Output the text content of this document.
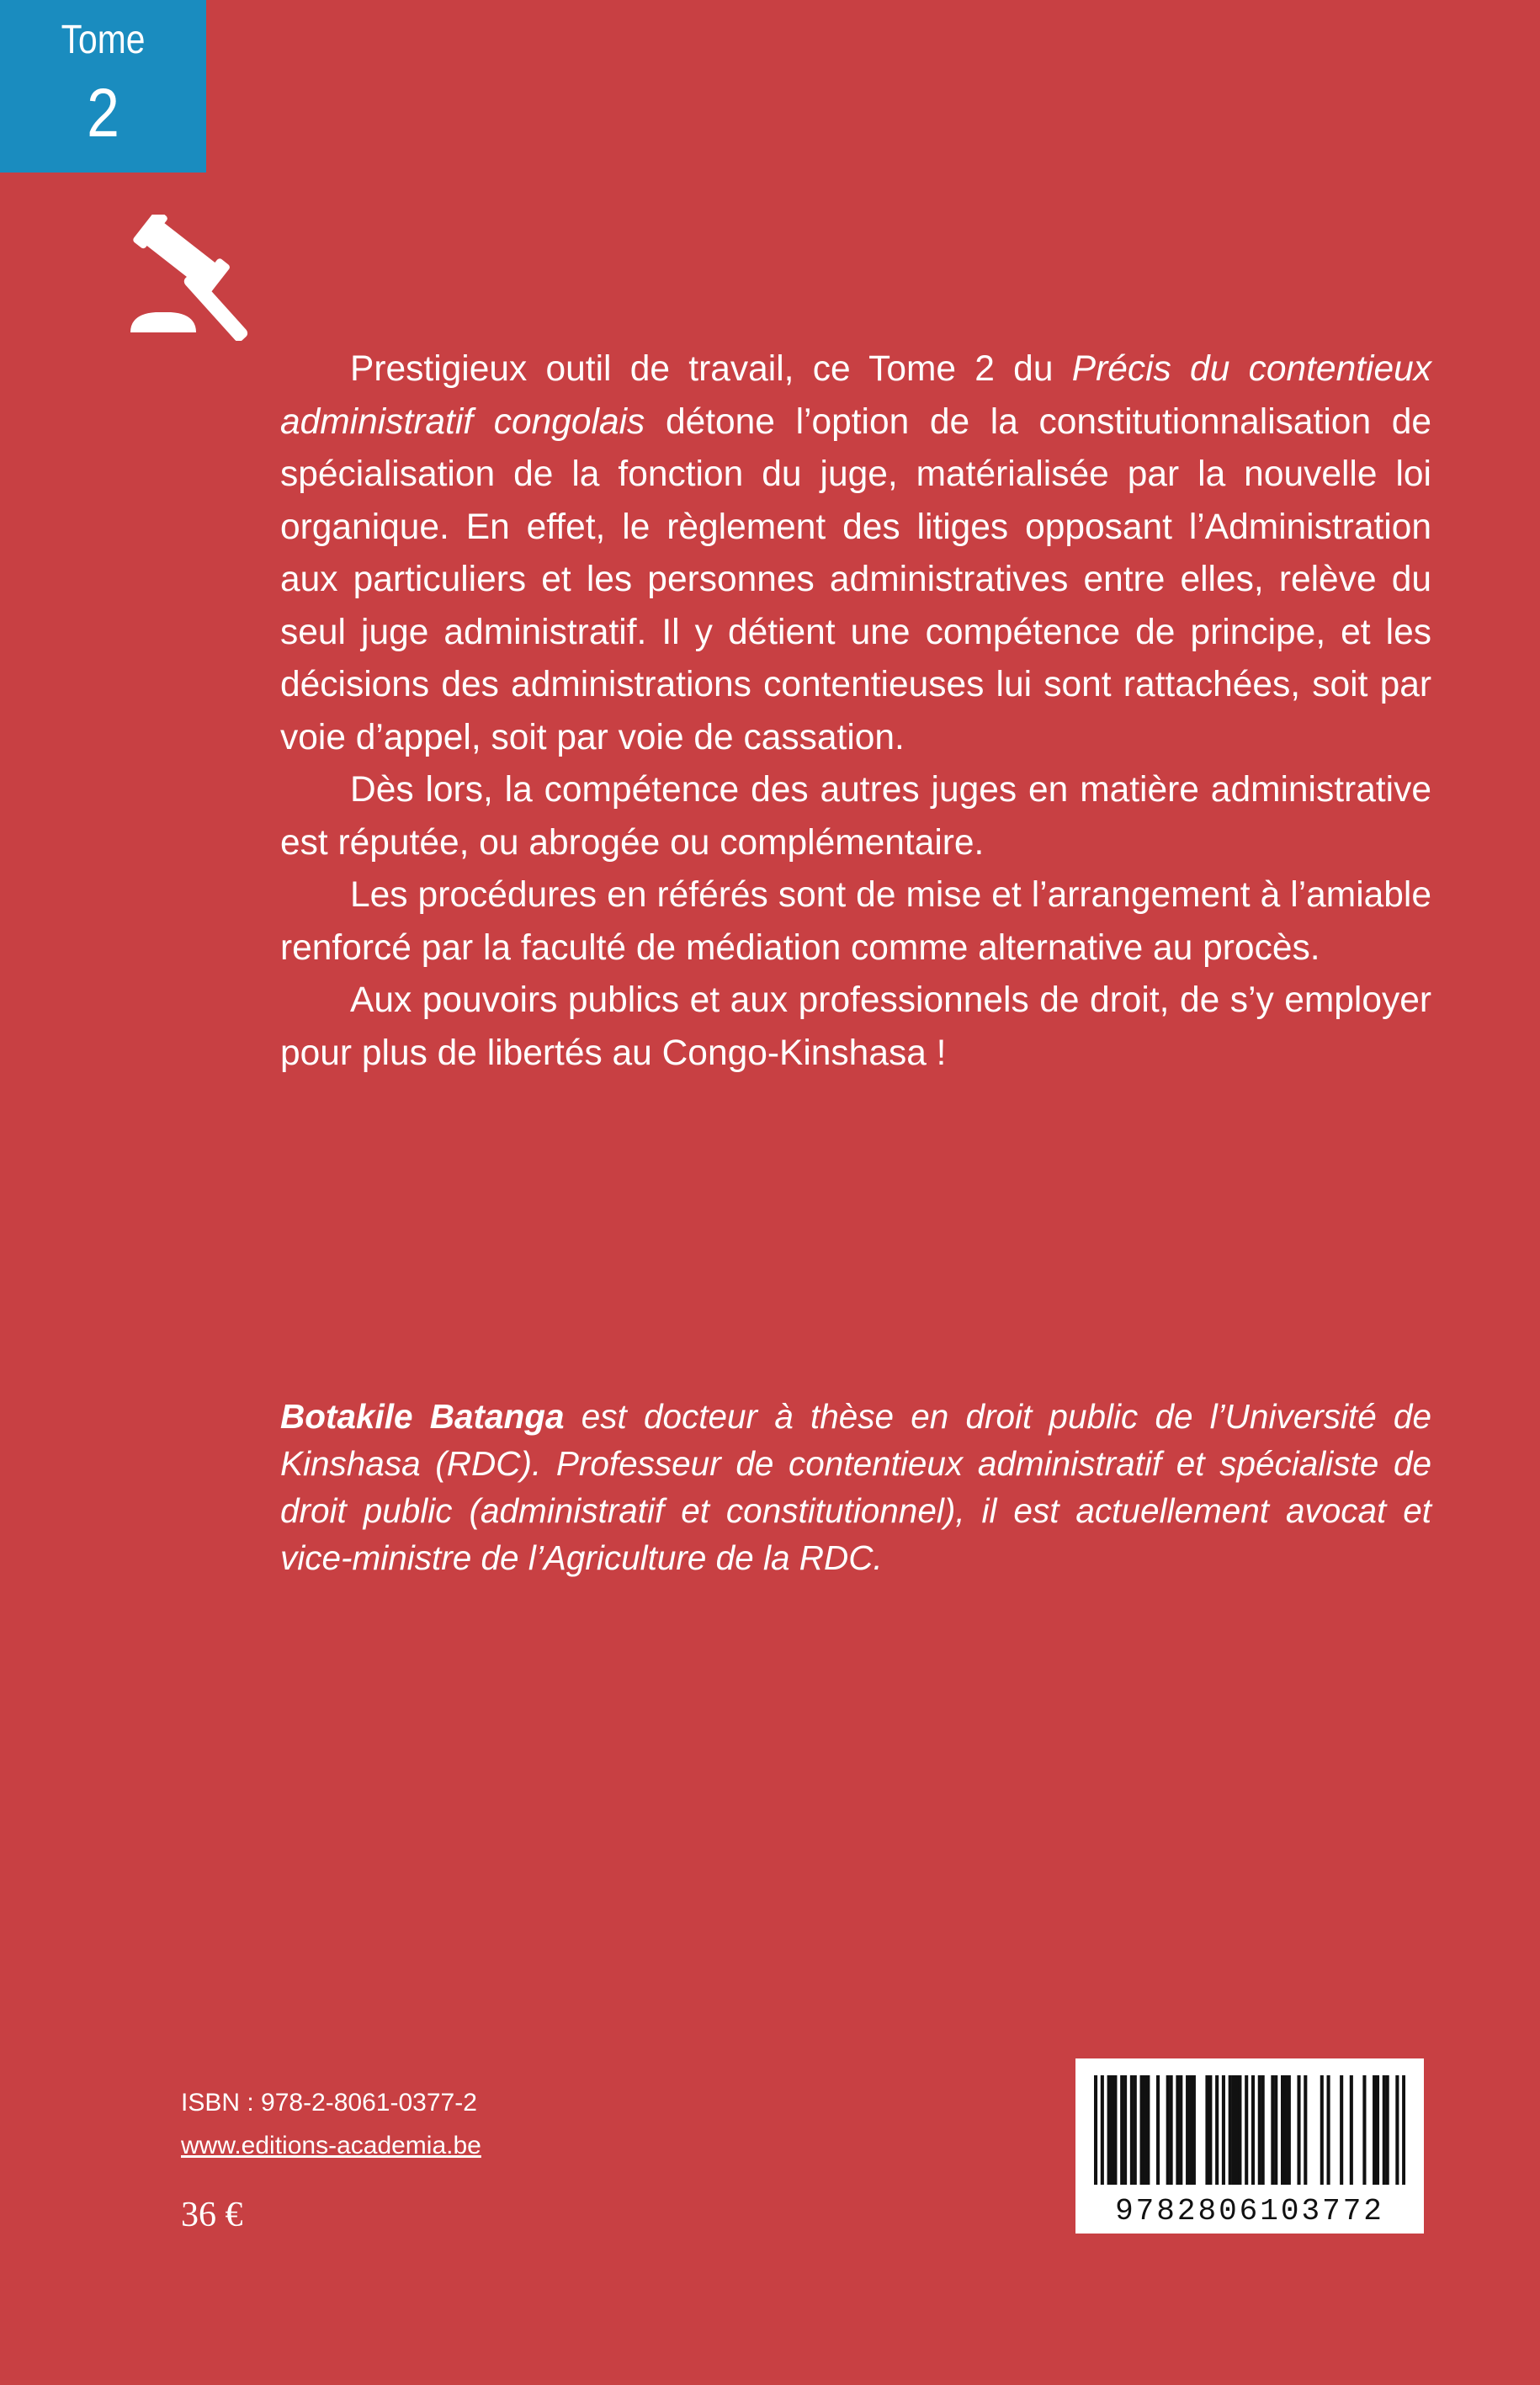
Tome
2

Prestigieux outil de travail, ce Tome 2 du Précis du contentieux administratif congolais détone l’option de la constitutionnalisation de spécialisation de la fonction du juge, matérialisée par la nouvelle loi organique. En effet, le règlement des litiges opposant l’Administration aux particuliers et les personnes administratives entre elles, relève du seul juge administratif. Il y détient une compétence de principe, et les décisions des administrations contentieuses lui sont rattachées, soit par voie d’appel, soit par voie de cassation.

Dès lors, la compétence des autres juges en matière administrative est réputée, ou abrogée ou complémentaire.

Les procédures en référés sont de mise et l’arrangement à l’amiable renforcé par la faculté de médiation comme alternative au procès.

Aux pouvoirs publics et aux professionnels de droit, de s’y employer pour plus de libertés au Congo-Kinshasa !

Botakile Batanga est docteur à thèse en droit public de l’Université de Kinshasa (RDC). Professeur de contentieux administratif et spécialiste de droit public (administratif et constitutionnel), il est actuellement avocat et vice-ministre de l’Agriculture de la RDC.

ISBN : 978-2-8061-0377-2
www.editions-academia.be
36 €	9782806103772
